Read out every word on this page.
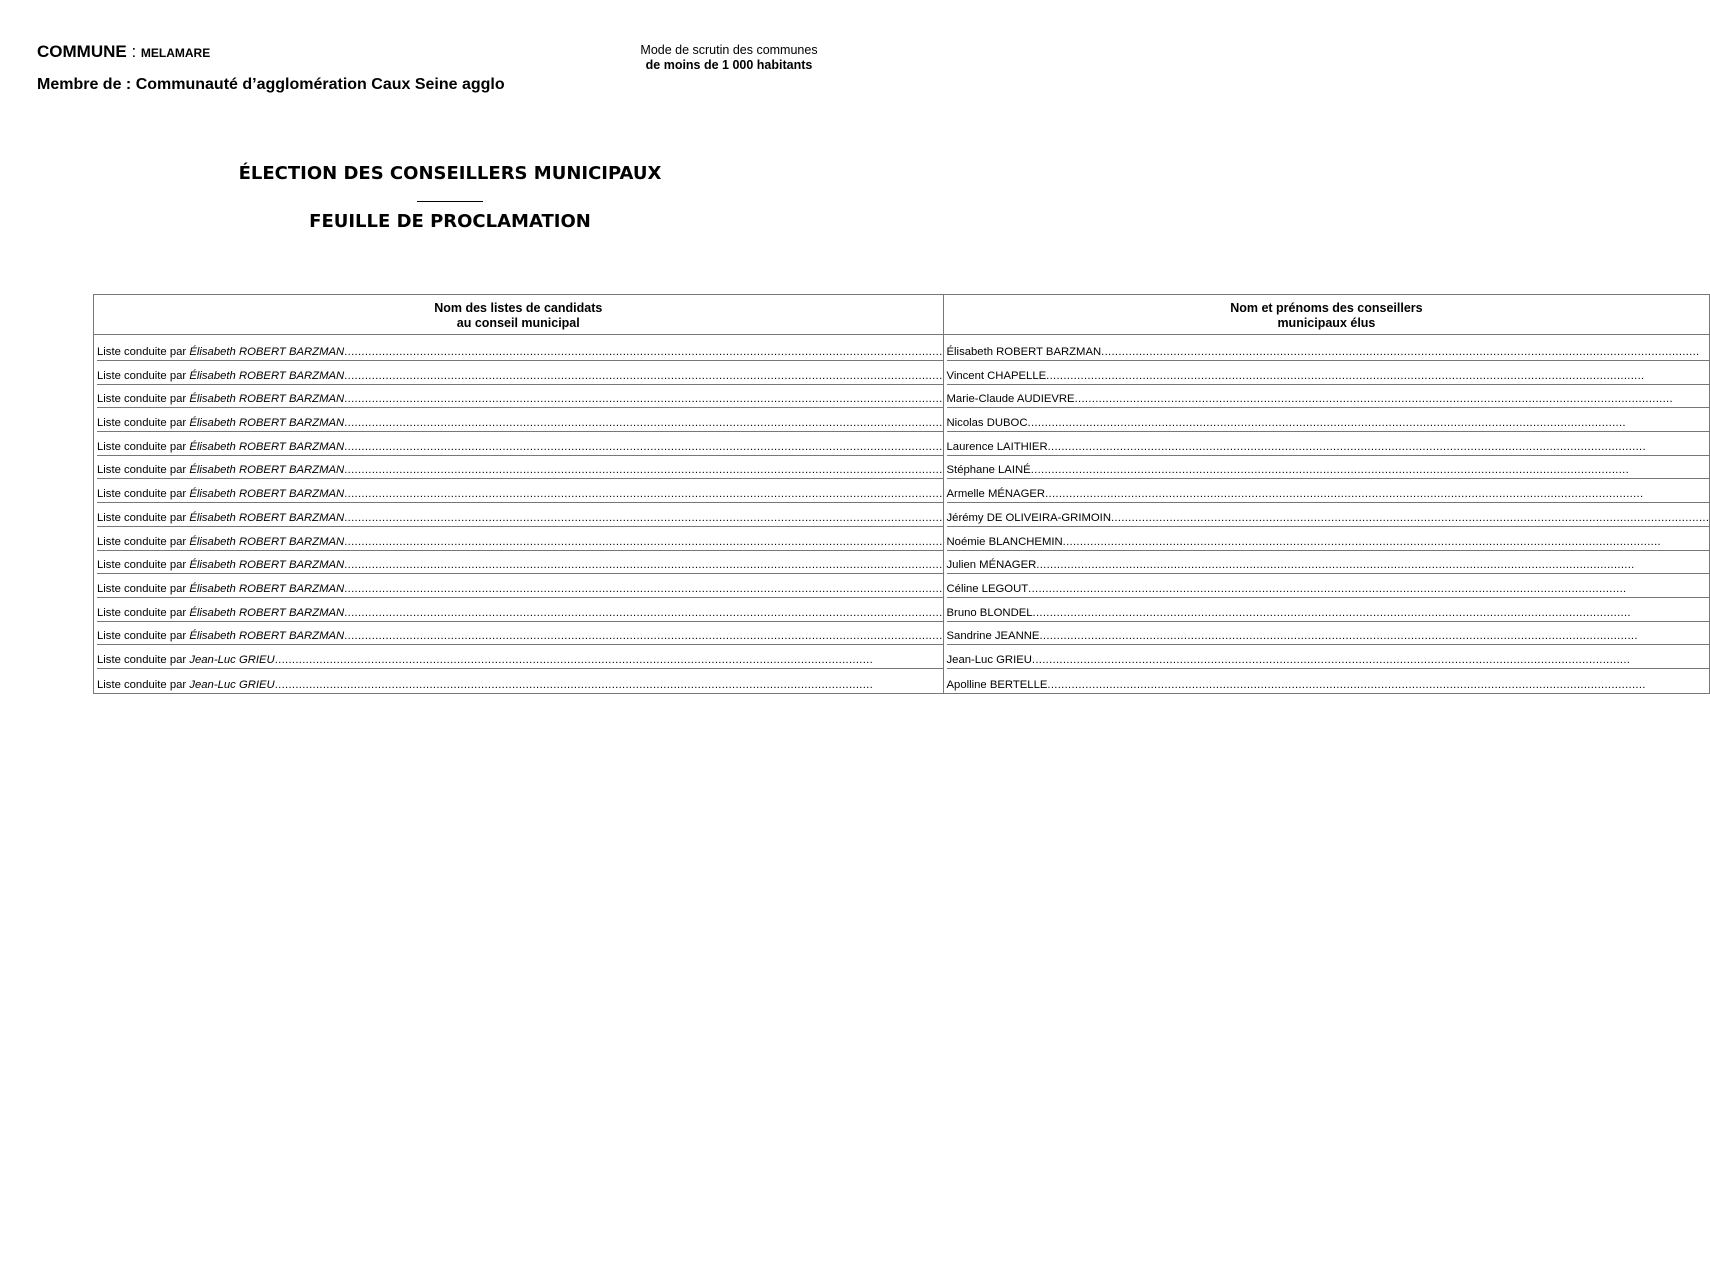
COMMUNE : MELAMARE
Membre de : Communauté d’agglomération Caux Seine agglo
Mode de scrutin des communes
de moins de 1 000 habitants
ÉLECTION DES CONSEILLERS MUNICIPAUX
FEUILLE DE PROCLAMATION
Nom des listes de candidats
au conseil municipal	Nom et prénoms des conseillers
municipaux élus

Liste conduite par Élisabeth ROBERT BARZMAN
.....	Élisabeth ROBERT BARZMAN
.....

Liste conduite par Élisabeth ROBERT BARZMAN
.....	Vincent CHAPELLE
.....

Liste conduite par Élisabeth ROBERT BARZMAN
.....	Marie-Claude AUDIEVRE
.....

Liste conduite par Élisabeth ROBERT BARZMAN
.....	Nicolas DUBOC
.....

Liste conduite par Élisabeth ROBERT BARZMAN
.....	Laurence LAITHIER
.....

Liste conduite par Élisabeth ROBERT BARZMAN
.....	Stéphane LAINÉ
.....

Liste conduite par Élisabeth ROBERT BARZMAN
.....	Armelle MÉNAGER
.....

Liste conduite par Élisabeth ROBERT BARZMAN
.....	Jérémy DE OLIVEIRA-GRIMOIN
.....

Liste conduite par Élisabeth ROBERT BARZMAN
.....	Noémie BLANCHEMIN
.....

Liste conduite par Élisabeth ROBERT BARZMAN
.....	Julien MÉNAGER
.....

Liste conduite par Élisabeth ROBERT BARZMAN
.....	Céline LEGOUT
.....

Liste conduite par Élisabeth ROBERT BARZMAN
.....	Bruno BLONDEL
.....

Liste conduite par Élisabeth ROBERT BARZMAN
.....	Sandrine JEANNE
.....

Liste conduite par Jean-Luc GRIEU
.....	Jean-Luc GRIEU
.....

Liste conduite par Jean-Luc GRIEU
.....	Apolline BERTELLE
.....
